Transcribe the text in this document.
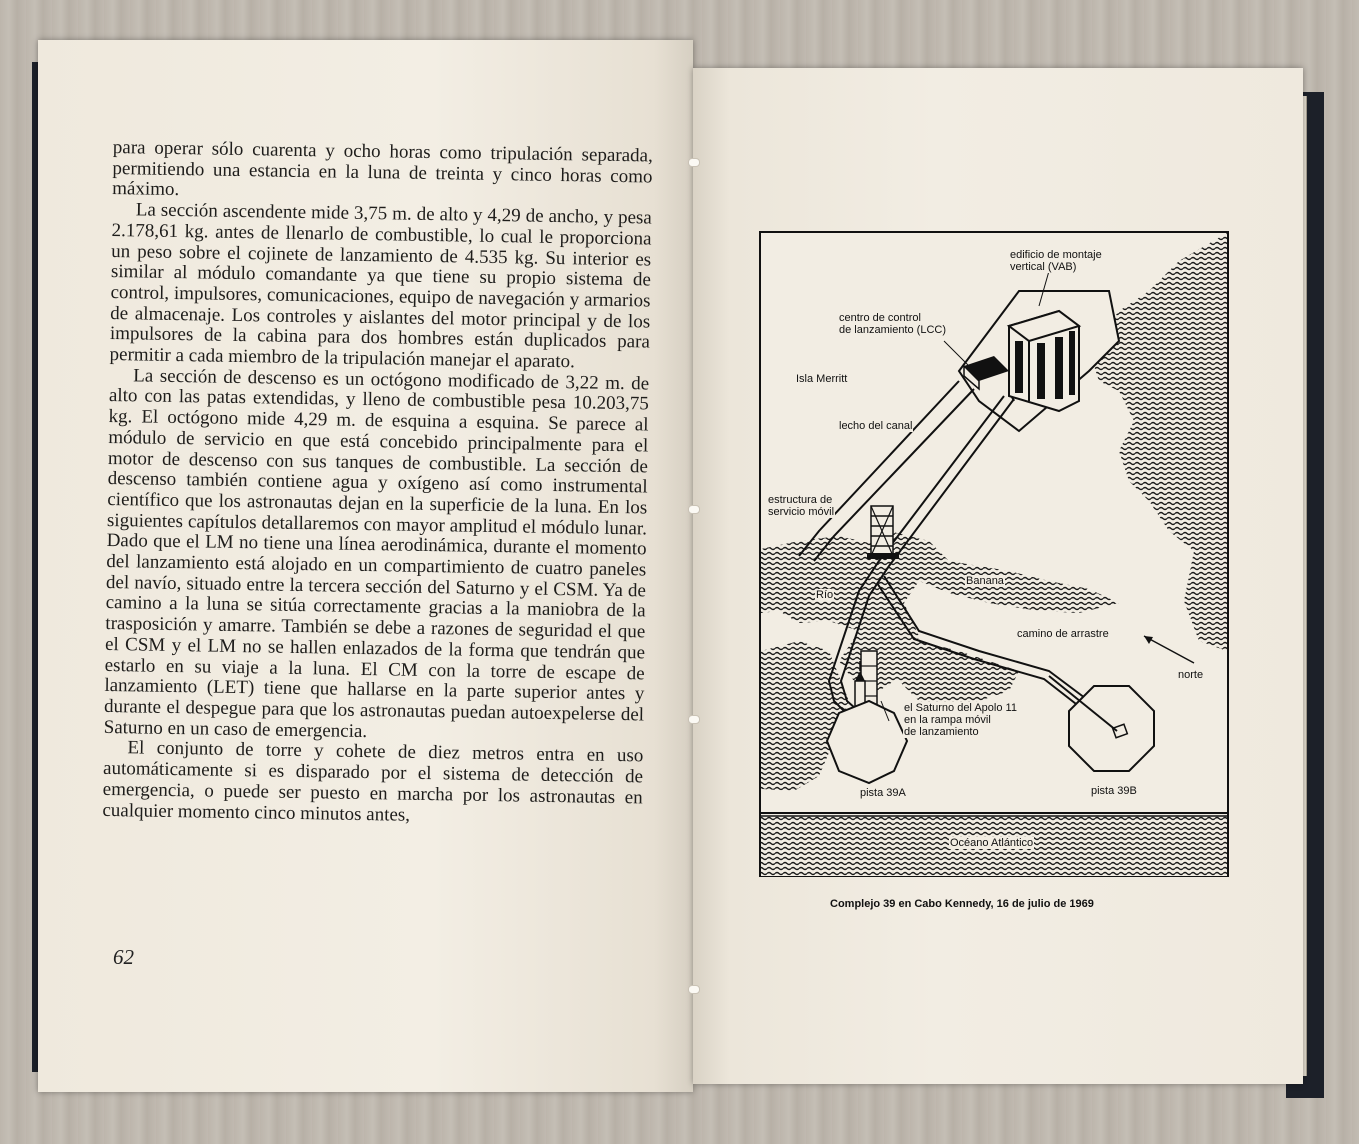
para operar sólo cuarenta y ocho horas como tripulación separada, permitiendo una estancia en la luna de treinta y cinco horas como máximo.

La sección ascendente mide 3,75 m. de alto y 4,29 de ancho, y pesa 2.178,61 kg. antes de llenarlo de combustible, lo cual le proporciona un peso sobre el cojinete de lanzamiento de 4.535 kg. Su interior es similar al módulo comandante ya que tiene su propio sistema de control, impulsores, comunicaciones, equipo de navegación y armarios de almacenaje. Los controles y aislantes del motor principal y de los impulsores de la cabina para dos hombres están duplicados para permitir a cada miembro de la tripulación manejar el aparato.

La sección de descenso es un octógono modificado de 3,22 m. de alto con las patas extendidas, y lleno de combustible pesa 10.203,75 kg. El octógono mide 4,29 m. de esquina a esquina. Se parece al módulo de servicio en que está concebido principalmente para el motor de descenso con sus tanques de combustible. La sección de descenso también contiene agua y oxígeno así como instrumental científico que los astronautas dejan en la superficie de la luna. En los siguientes capítulos detallaremos con mayor amplitud el módulo lunar. Dado que el LM no tiene una línea aerodinámica, durante el momento del lanzamiento está alojado en un compartimiento de cuatro paneles del navío, situado entre la tercera sección del Saturno y el CSM. Ya de camino a la luna se sitúa correctamente gracias a la maniobra de la trasposición y amarre. También se debe a razones de seguridad el que el CSM y el LM no se hallen enlazados de la forma que tendrán que estarlo en su viaje a la luna. El CM con la torre de escape de lanzamiento (LET) tiene que hallarse en la parte superior antes y durante el despegue para que los astronautas puedan autoexpelerse del Saturno en un caso de emergencia.

El conjunto de torre y cohete de diez metros entra en uso automáticamente si es disparado por el sistema de detección de emergencia, o puede ser puesto en marcha por los astronautas en cualquier momento cinco minutos antes,

62
edificio de montaje
vertical (VAB)
centro de control
de lanzamiento (LCC)
Isla Merritt
lecho del canal
estructura de
servicio móvil
Banana
Río
camino de arrastre
norte
el Saturno del Apolo 11
en la rampa móvil
de lanzamiento
pista 39A	pista 39B
Océano Atlántico
Complejo 39 en Cabo Kennedy, 16 de julio de 1969
